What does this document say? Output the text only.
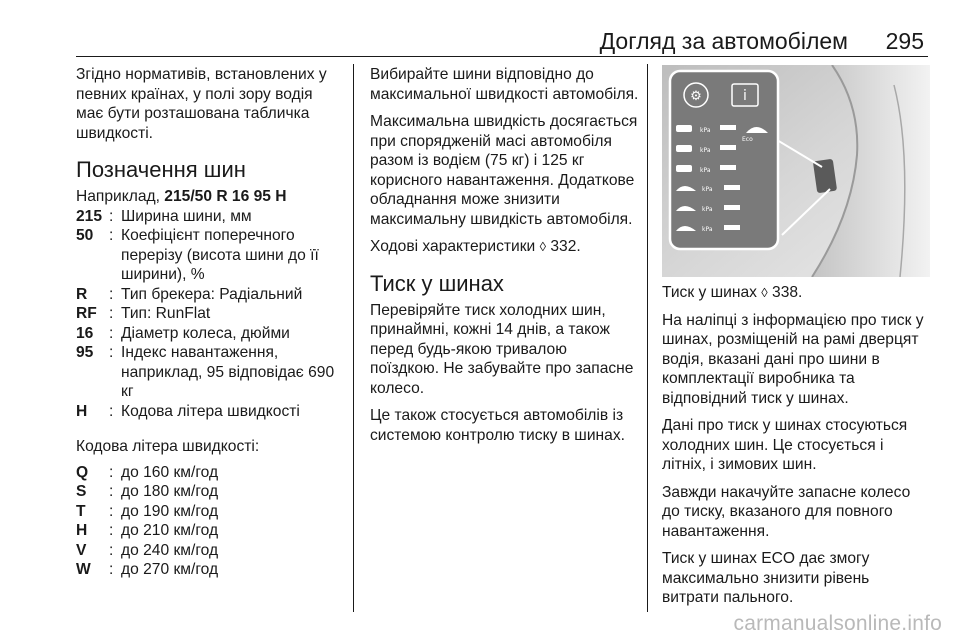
Догляд за автомобілем 295

Згідно нормативів, встановлених у певних країнах, у полі зору водія має бути розташована табличка швидкості.

Позначення шин
Наприклад, 215/50 R 16 95 H
215 : Ширина шини, мм
50	: Коефіцієнт поперечного перерізу (висота шини до її ширини), %
R	: Тип брекера: Радіальний
RF : Тип: RunFlat
16	: Діаметр колеса, дюйми
95	: Індекс навантаження, наприклад, 95 відповідає 690 кг
H	: Кодова літера швидкості
Кодова літера швидкості:
Q	: до 160 км/год
S	: до 180 км/год
T	: до 190 км/год
H	: до 210 км/год
V	: до 240 км/год
W	: до 270 км/год

Вибирайте шини відповідно до максимальної швидкості автомобіля.

Максимальна швидкість досягається при спорядженій масі автомобіля разом із водієм (75 кг) і 125 кг корисного навантаження. Додаткове обладнання може знизити максимальну швидкість автомобіля.

Ходові характеристики ◊ 332.

Тиск у шинах

Перевіряйте тиск холодних шин, принаймні, кожні 14 днів, а також перед будь-якою тривалою поїздкою. Не забувайте про запасне колесо.

Це також стосується автомобілів із системою контролю тиску в шинах.

⚙	i
kPa
kPa
Eco
kPa
kPa
kPa
kPa

Тиск у шинах ◊ 338.

На наліпці з інформацією про тиск у шинах, розміщеній на рамі дверцят водія, вказані дані про шини в комплектації виробника та відповідний тиск у шинах.

Дані про тиск у шинах стосуються холодних шин. Це стосується і літніх, і зимових шин.

Завжди накачуйте запасне колесо до тиску, вказаного для повного навантаження.

Тиск у шинах ECO дає змогу максимально знизити рівень витрати пального.

carmanualsonline.info
